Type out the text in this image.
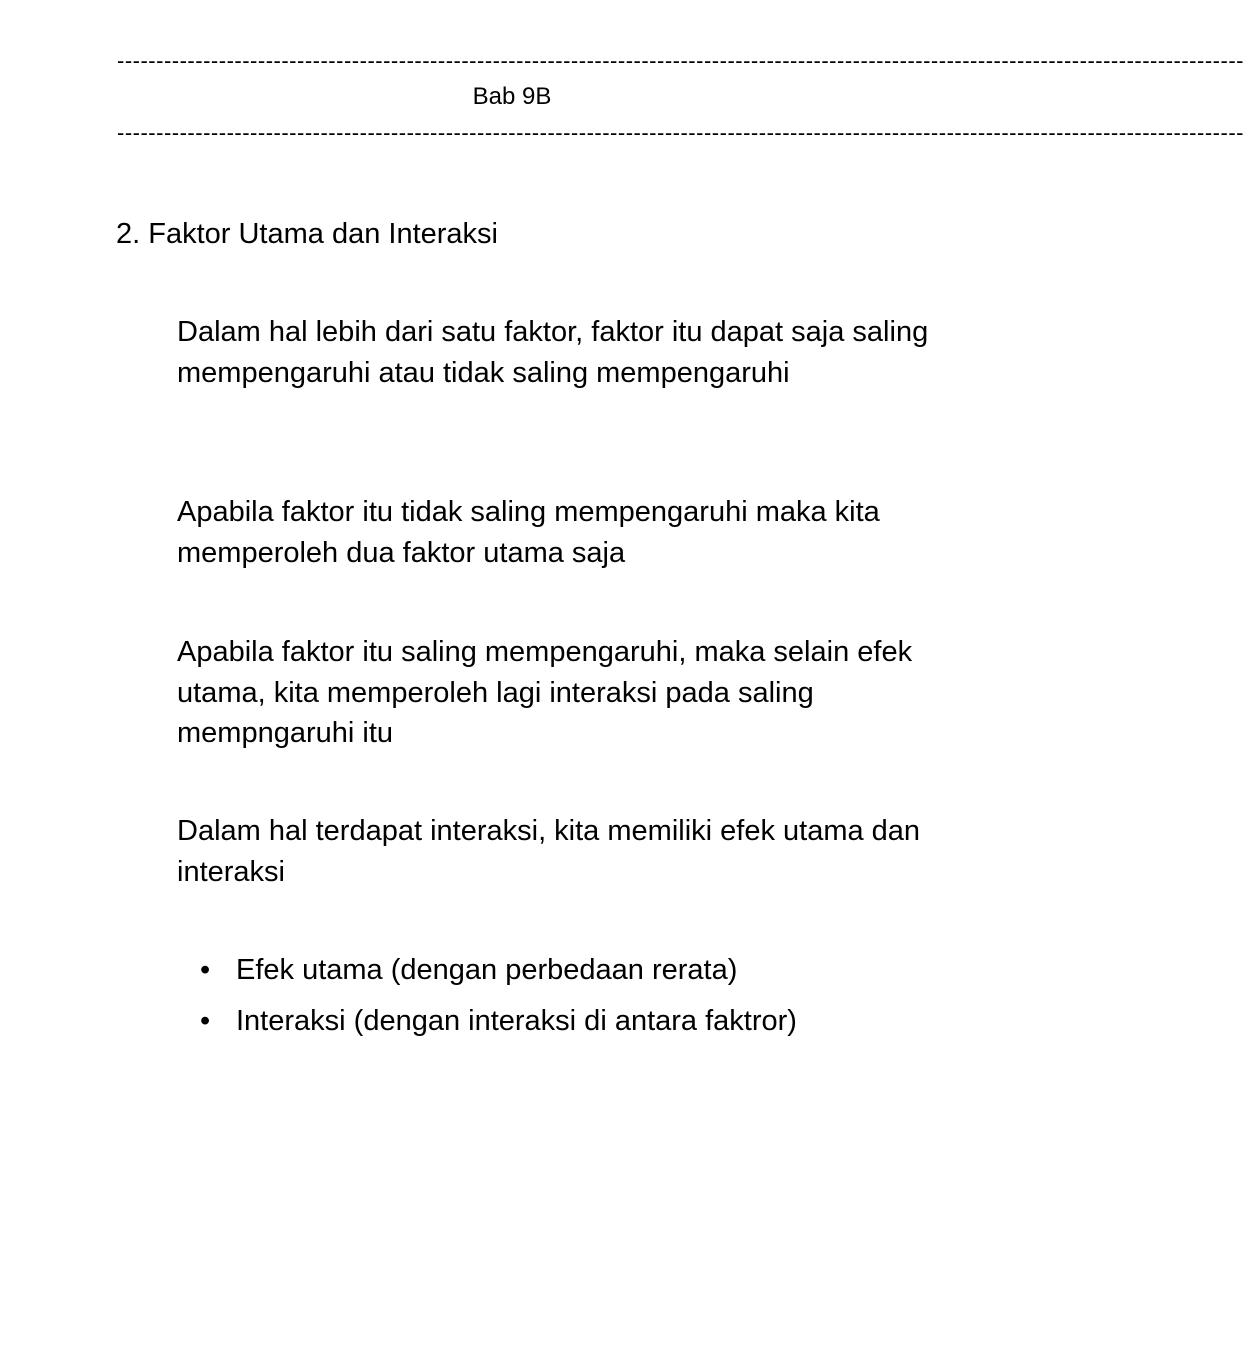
------------------------------------------------------------------------------------------------------------------------------------------------
Bab 9B
------------------------------------------------------------------------------------------------------------------------------------------------
2. Faktor Utama dan Interaksi
Dalam hal lebih dari satu faktor, faktor itu dapat saja saling mempengaruhi atau tidak saling mempengaruhi
Apabila faktor itu tidak saling mempengaruhi maka kita memperoleh dua faktor utama saja
Apabila faktor itu saling mempengaruhi, maka selain efek utama, kita memperoleh lagi interaksi pada saling mempngaruhi itu
Dalam hal terdapat interaksi, kita memiliki efek utama dan interaksi
• Efek utama (dengan perbedaan rerata)
• Interaksi (dengan interaksi di antara faktror)
